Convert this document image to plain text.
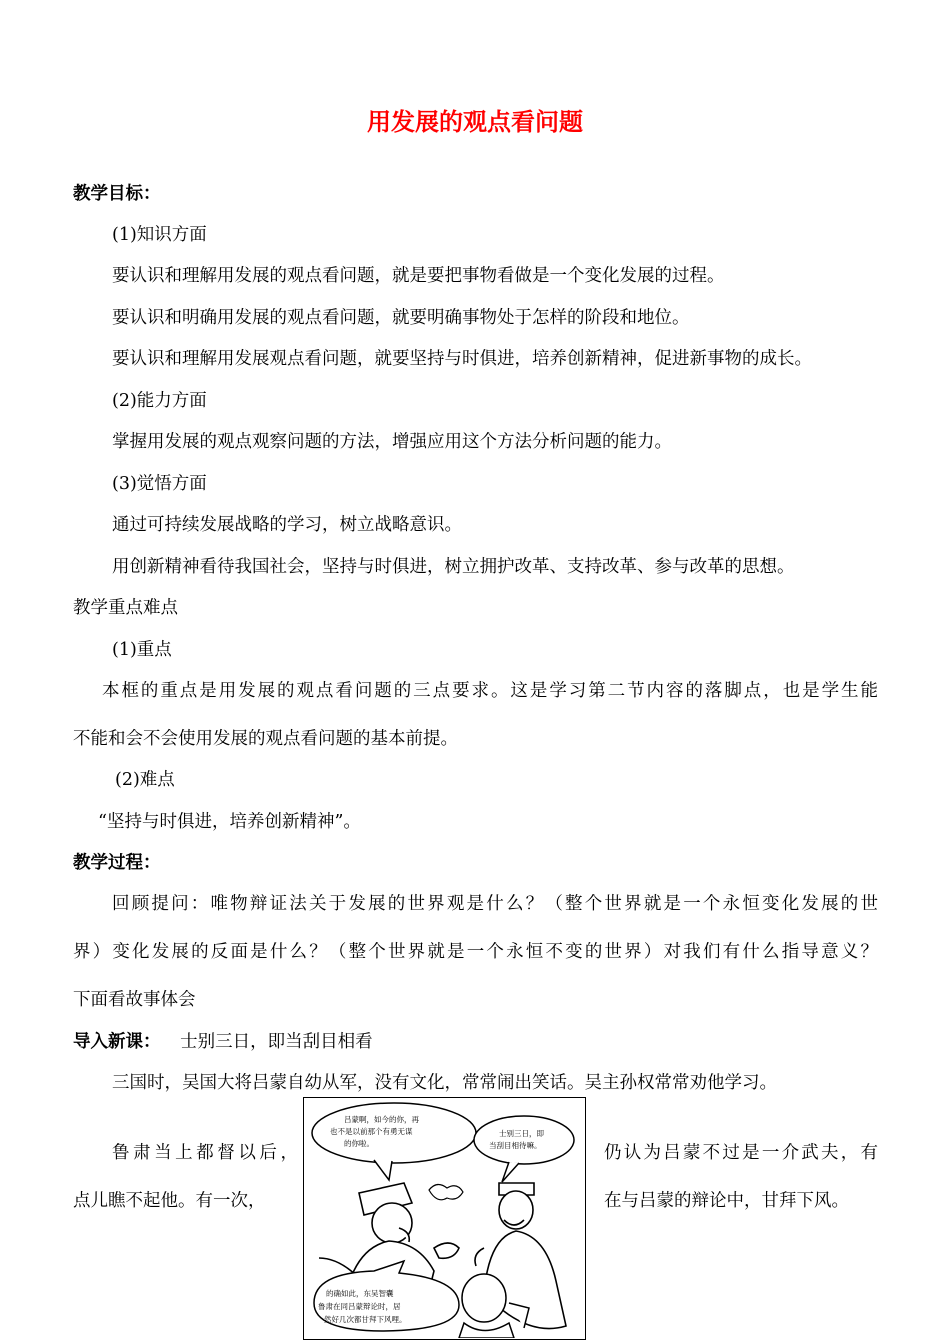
用发展的观点看问题
教学目标：
(1)知识方面
要认识和理解用发展的观点看问题，就是要把事物看做是一个变化发展的过程。
要认识和明确用发展的观点看问题，就要明确事物处于怎样的阶段和地位。
要认识和理解用发展观点看问题，就要坚持与时俱进，培养创新精神，促进新事物的成长。
(2)能力方面
掌握用发展的观点观察问题的方法，增强应用这个方法分析问题的能力。
(3)觉悟方面
通过可持续发展战略的学习，树立战略意识。
用创新精神看待我国社会，坚持与时俱进，树立拥护改革、支持改革、参与改革的思想。
教学重点难点
(1)重点
本框的重点是用发展的观点看问题的三点要求。这是学习第二节内容的落脚点，也是学生能
不能和会不会使用发展的观点看问题的基本前提。
(2)难点
“坚持与时俱进，培养创新精神”。
教学过程：
回顾提问：唯物辩证法关于发展的世界观是什么？（整个世界就是一个永恒变化发展的世
界）变化发展的反面是什么？（整个世界就是一个永恒不变的世界）对我们有什么指导意义？
下面看故事体会
导入新课： 士别三日，即当刮目相看
三国时，吴国大将吕蒙自幼从军，没有文化，常常闹出笑话。吴主孙权常常劝他学习。
鲁肃当上都督以后，	仍认为吕蒙不过是一介武夫，有
点儿瞧不起他。有一次，	在与吕蒙的辩论中，甘拜下风。
吕蒙啊，如今的你，再
也不是以前那个有勇无谋
的你啦。
士别三日，即
当刮目相待嘛。
的确如此，东吴智囊
鲁肃在同吕蒙辩论时，居
然好几次都甘拜下风哩。
